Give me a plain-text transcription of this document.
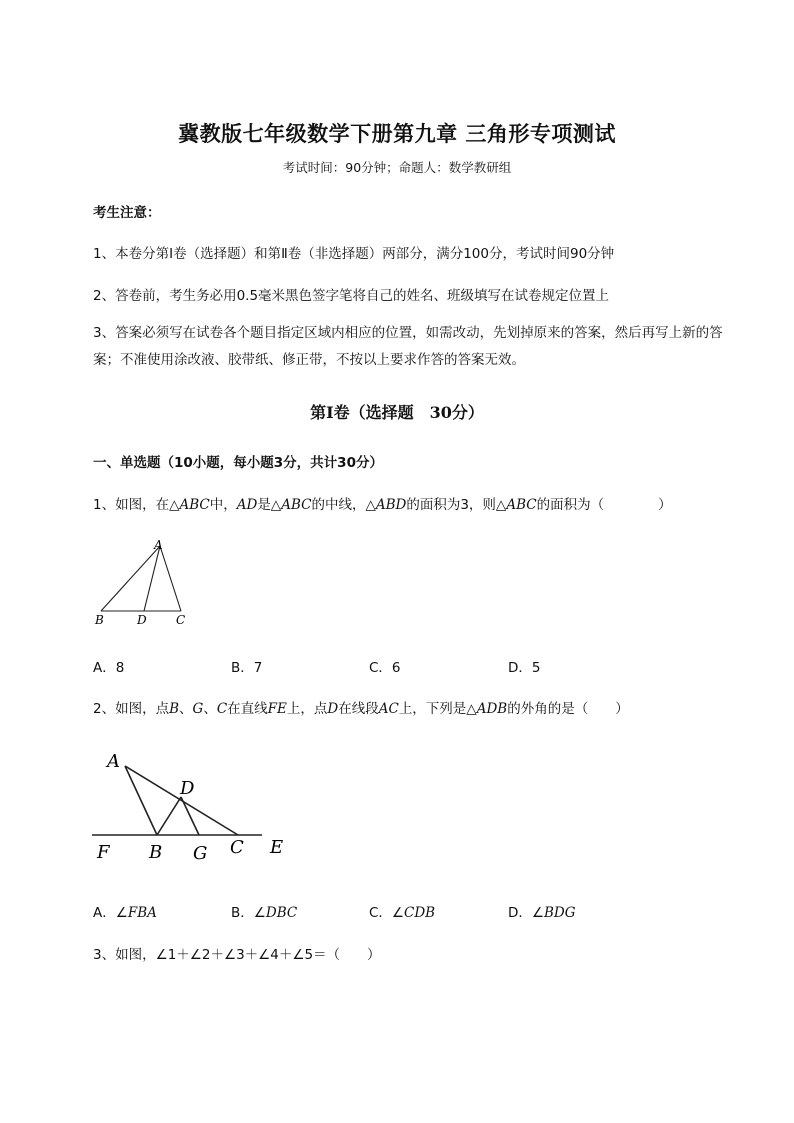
冀教版七年级数学下册第九章 三角形专项测试
考试时间：90分钟；命题人：数学教研组
考生注意：
1、本卷分第I卷（选择题）和第Ⅱ卷（非选择题）两部分，满分100分，考试时间90分钟
2、答卷前，考生务必用0.5毫米黑色签字笔将自己的姓名、班级填写在试卷规定位置上
3、答案必须写在试卷各个题目指定区域内相应的位置，如需改动，先划掉原来的答案，然后再写上新的答案；不准使用涂改液、胶带纸、修正带，不按以上要求作答的答案无效。
第I卷（选择题　30分）
一、单选题（10小题，每小题3分，共计30分）
1、如图，在△ABC中，AD是△ABC的中线，△ABD的面积为3，则△ABC的面积为（　　　　）
A
B	D C
A．8	B．7	C．6	D．5
2、如图，点B、G、C在直线FE上，点D在线段AC上，下列是△ADB的外角的是（　　）
A
D
F B G C E
A．∠FBA	B．∠DBC	C．∠CDB	D．∠BDG
3、如图，∠1＋∠2＋∠3＋∠4＋∠5＝（　　）
